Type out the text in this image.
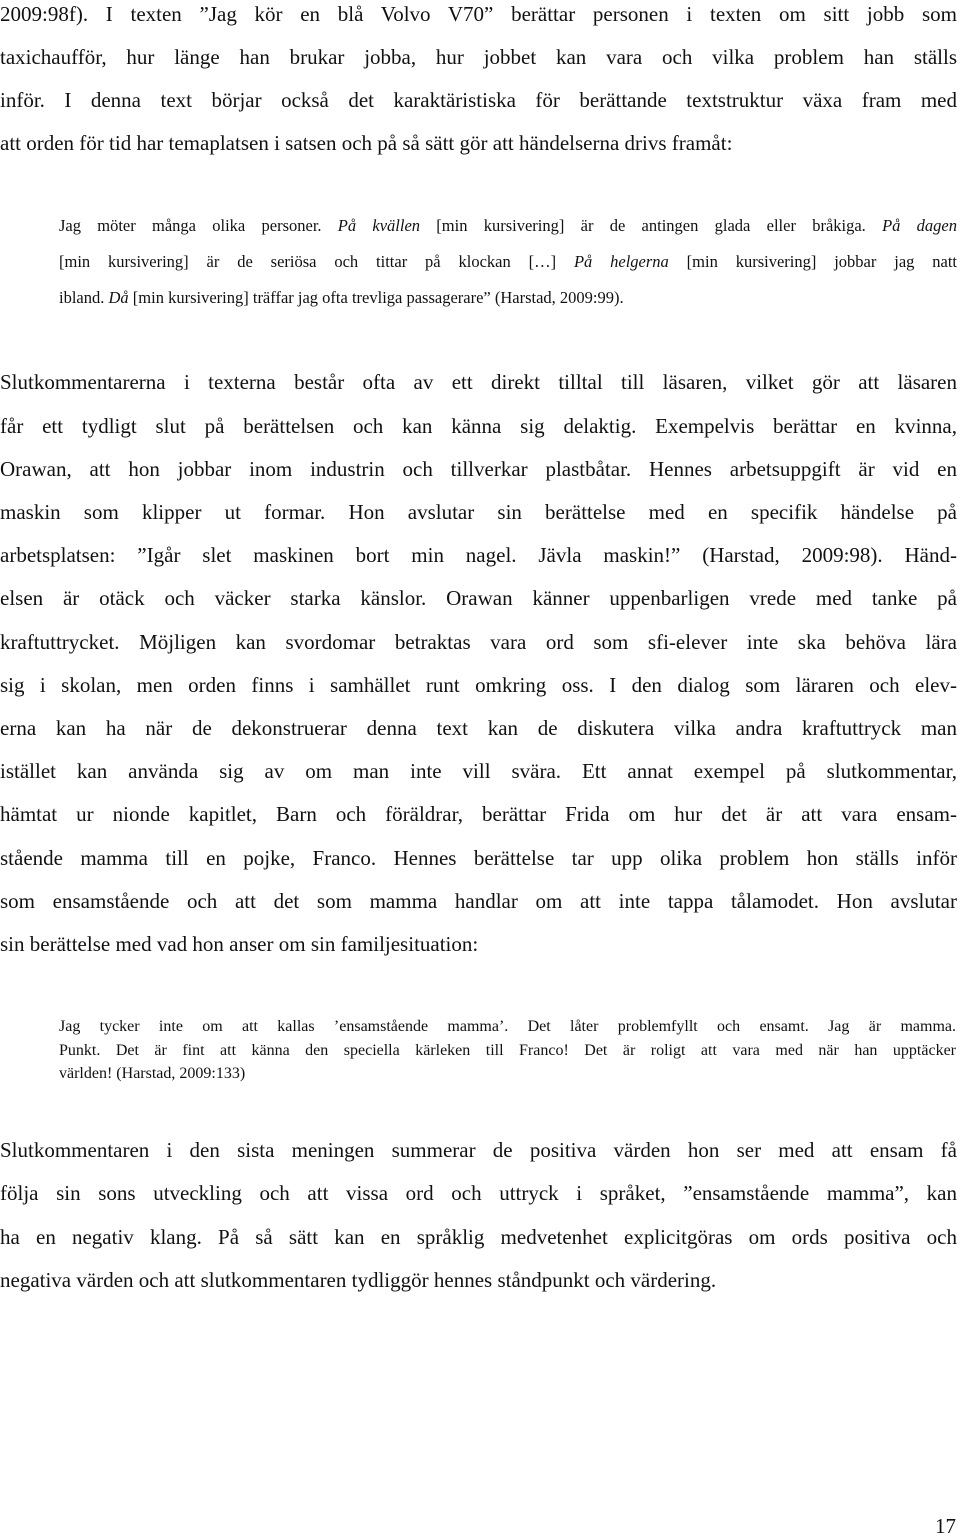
2009:98f). I texten ”Jag kör en blå Volvo V70” berättar personen i texten om sitt jobb som
taxichaufför, hur länge han brukar jobba, hur jobbet kan vara och vilka problem han ställs
inför. I denna text börjar också det karaktäristiska för berättande textstruktur växa fram med
att orden för tid har temaplatsen i satsen och på så sätt gör att händelserna drivs framåt:
Jag möter många olika personer. På kvällen [min kursivering] är de antingen glada eller bråkiga. På dagen
[min kursivering] är de seriösa och tittar på klockan […] På helgerna [min kursivering] jobbar jag natt
ibland. Då [min kursivering] träffar jag ofta trevliga passagerare” (Harstad, 2009:99).
Slutkommentarerna i texterna består ofta av ett direkt tilltal till läsaren, vilket gör att läsaren
får ett tydligt slut på berättelsen och kan känna sig delaktig. Exempelvis berättar en kvinna,
Orawan, att hon jobbar inom industrin och tillverkar plastbåtar. Hennes arbetsuppgift är vid en
maskin som klipper ut formar. Hon avslutar sin berättelse med en specifik händelse på
arbetsplatsen: ”Igår slet maskinen bort min nagel. Jävla maskin!” (Harstad, 2009:98). Händ-
elsen är otäck och väcker starka känslor. Orawan känner uppenbarligen vrede med tanke på
kraftuttrycket. Möjligen kan svordomar betraktas vara ord som sfi-elever inte ska behöva lära
sig i skolan, men orden finns i samhället runt omkring oss. I den dialog som läraren och elev-
erna kan ha när de dekonstruerar denna text kan de diskutera vilka andra kraftuttryck man
istället kan använda sig av om man inte vill svära. Ett annat exempel på slutkommentar,
hämtat ur nionde kapitlet, Barn och föräldrar, berättar Frida om hur det är att vara ensam-
stående mamma till en pojke, Franco. Hennes berättelse tar upp olika problem hon ställs inför
som ensamstående och att det som mamma handlar om att inte tappa tålamodet. Hon avslutar
sin berättelse med vad hon anser om sin familjesituation:
Jag tycker inte om att kallas ’ensamstående mamma’. Det låter problemfyllt och ensamt. Jag är mamma.
Punkt. Det är fint att känna den speciella kärleken till Franco! Det är roligt att vara med när han upptäcker
världen! (Harstad, 2009:133)
Slutkommentaren i den sista meningen summerar de positiva värden hon ser med att ensam få
följa sin sons utveckling och att vissa ord och uttryck i språket, ”ensamstående mamma”, kan
ha en negativ klang. På så sätt kan en språklig medvetenhet explicitgöras om ords positiva och
negativa värden och att slutkommentaren tydliggör hennes ståndpunkt och värdering.
17
